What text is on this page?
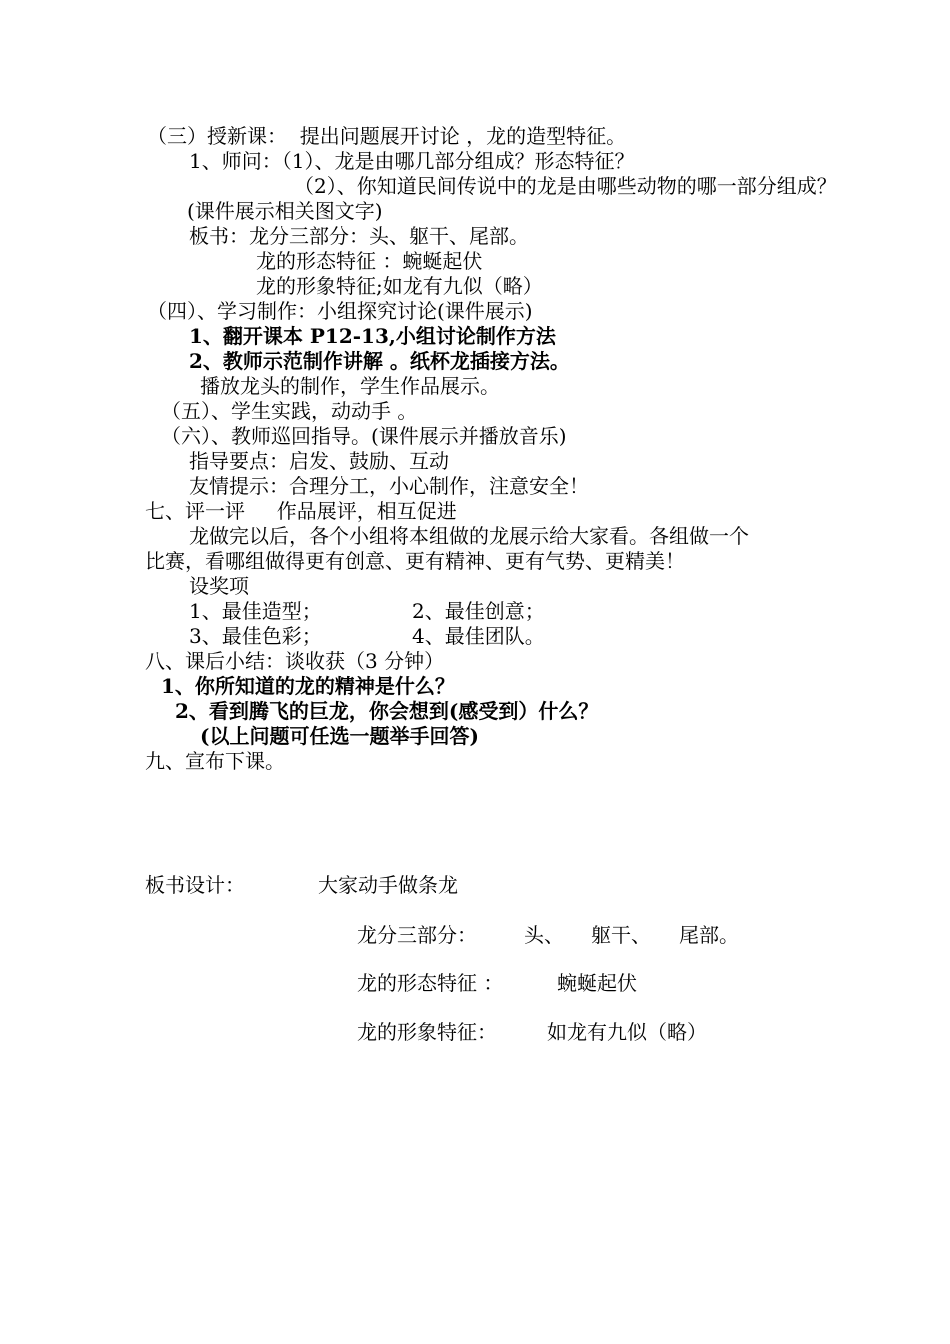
（三）授新课：  提出问题展开讨论 ，龙的造型特征。
1、师问：（1）、龙是由哪几部分组成？形态特征？
（2）、你知道民间传说中的龙是由哪些动物的哪一部分组成？
(课件展示相关图文字)
板书：龙分三部分：头、躯干、尾部。
龙的形态特征 ：蜿蜒起伏
龙的形象特征;如龙有九似（略）
（四）、学习制作：小组探究讨论(课件展示)
1、翻开课本 P12-13,小组讨论制作方法
2、教师示范制作讲解 。纸杯龙插接方法。
播放龙头的制作，学生作品展示。
（五）、学生实践，动动手 。
（六）、教师巡回指导。(课件展示并播放音乐)
指导要点：启发、鼓励、互动
友情提示：合理分工，小心制作，注意安全！
七、评一评     作品展评，相互促进
龙做完以后，各个小组将本组做的龙展示给大家看。各组做一个
比赛，看哪组做得更有创意、更有精神、更有气势、更精美！
设奖项
1、最佳造型；	2、最佳创意；
3、最佳色彩；	4、最佳团队。
八、课后小结：谈收获（3 分钟）
1、你所知道的龙的精神是什么？
2、看到腾飞的巨龙，你会想到(感受到）什么？
(以上问题可任选一题举手回答)
九、宣布下课。
板书设计：	大家动手做条龙
龙分三部分： 头、 躯干、 尾部。
龙的形态特征 ：	蜿蜒起伏
龙的形象特征：	如龙有九似（略）
